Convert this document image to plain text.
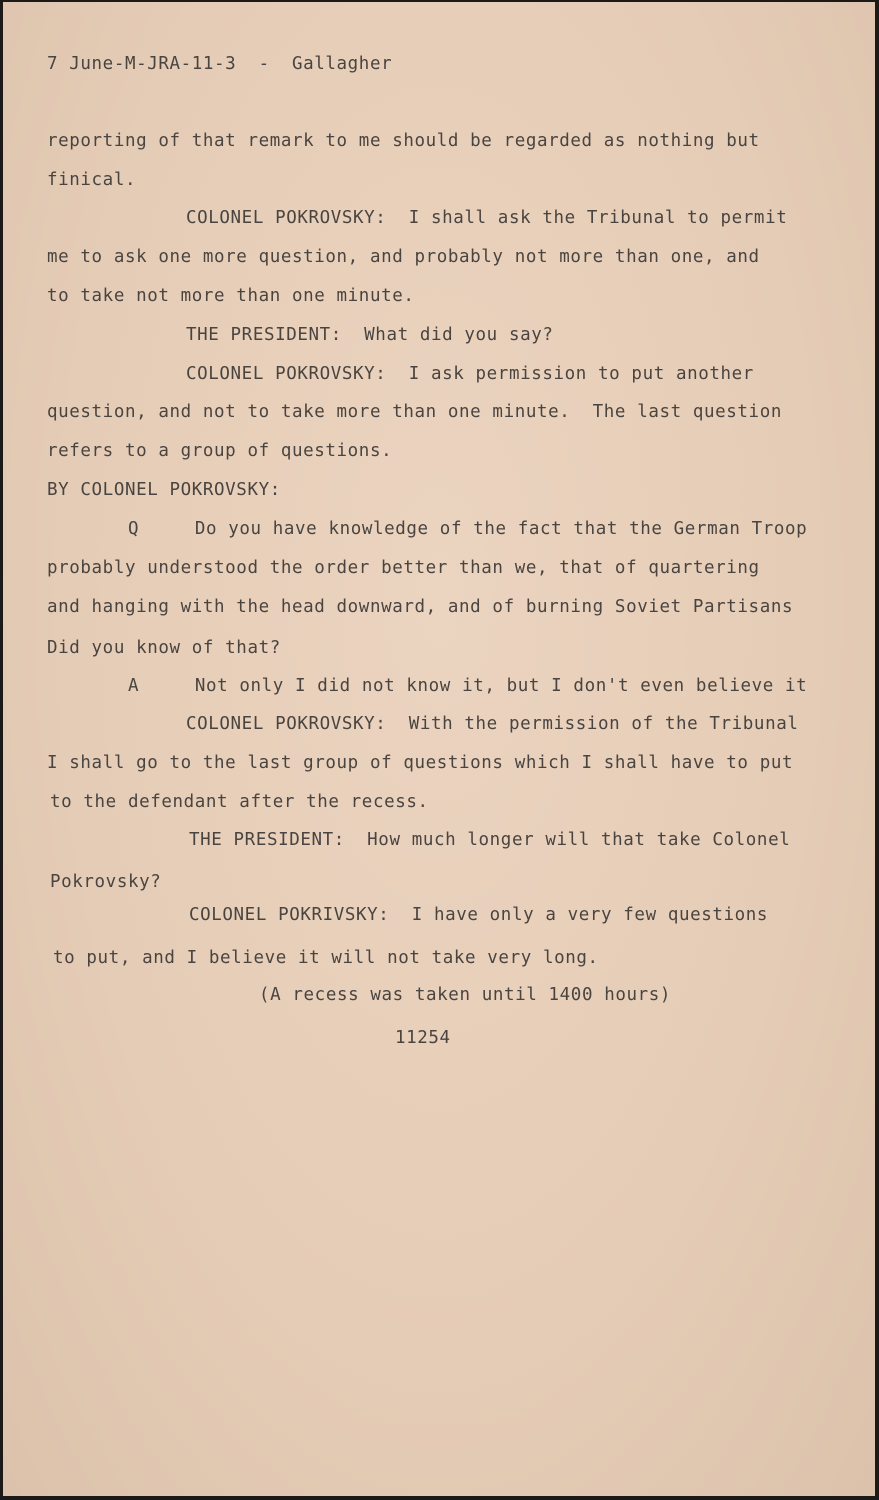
7 June-M-JRA-11-3  -  Gallagher
reporting of that remark to me should be regarded as nothing but
finical.
COLONEL POKROVSKY:  I shall ask the Tribunal to permit
me to ask one more question, and probably not more than one, and
to take not more than one minute.
THE PRESIDENT:  What did you say?
COLONEL POKROVSKY:  I ask permission to put another
question, and not to take more than one minute.  The last question
refers to a group of questions.
BY COLONEL POKROVSKY:
Q     Do you have knowledge of the fact that the German Troop
probably understood the order better than we, that of quartering
and hanging with the head downward, and of burning Soviet Partisans
Did you know of that?
A     Not only I did not know it, but I don't even believe it
COLONEL POKROVSKY:  With the permission of the Tribunal
I shall go to the last group of questions which I shall have to put
to the defendant after the recess.
THE PRESIDENT:  How much longer will that take Colonel
Pokrovsky?
COLONEL POKRIVSKY:  I have only a very few questions
to put, and I believe it will not take very long.
(A recess was taken until 1400 hours)
11254
